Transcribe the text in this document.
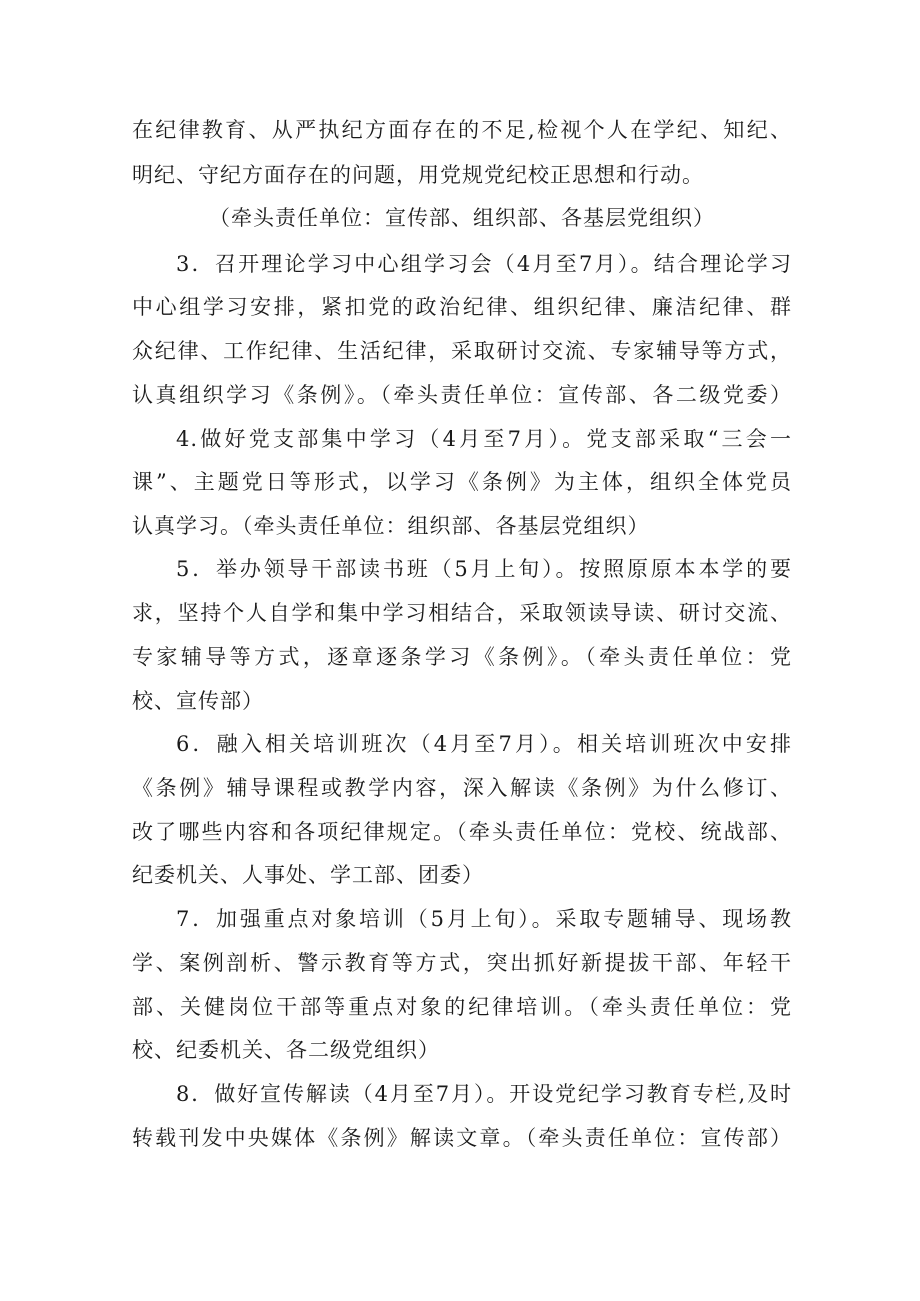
在纪律教育、从严执纪方面存在的不足,检视个人在学纪、知纪、
明纪、守纪方面存在的问题，用党规党纪校正思想和行动。
（牵头责任单位：宣传部、组织部、各基层党组织）
3．召开理论学习中心组学习会（4月至7月）。结合理论学习
中心组学习安排，紧扣党的政治纪律、组织纪律、廉洁纪律、群
众纪律、工作纪律、生活纪律，采取研讨交流、专家辅导等方式，
认真组织学习《条例》。（牵头责任单位：宣传部、各二级党委）
4.做好党支部集中学习（4月至7月）。党支部采取“三会一
课”、主题党日等形式，以学习《条例》为主体，组织全体党员
认真学习。（牵头责任单位：组织部、各基层党组织）
5．举办领导干部读书班（5月上旬）。按照原原本本学的要
求，坚持个人自学和集中学习相结合，采取领读导读、研讨交流、
专家辅导等方式，逐章逐条学习《条例》。（牵头责任单位：党
校、宣传部）
6．融入相关培训班次（4月至7月）。相关培训班次中安排
《条例》辅导课程或教学内容，深入解读《条例》为什么修订、
改了哪些内容和各项纪律规定。（牵头责任单位：党校、统战部、
纪委机关、人事处、学工部、团委）
7．加强重点对象培训（5月上旬）。采取专题辅导、现场教
学、案例剖析、警示教育等方式，突出抓好新提拔干部、年轻干
部、关健岗位干部等重点对象的纪律培训。（牵头责任单位：党
校、纪委机关、各二级党组织）
8．做好宣传解读（4月至7月）。开设党纪学习教育专栏,及时
转载刊发中央媒体《条例》解读文章。（牵头责任单位：宣传部）
